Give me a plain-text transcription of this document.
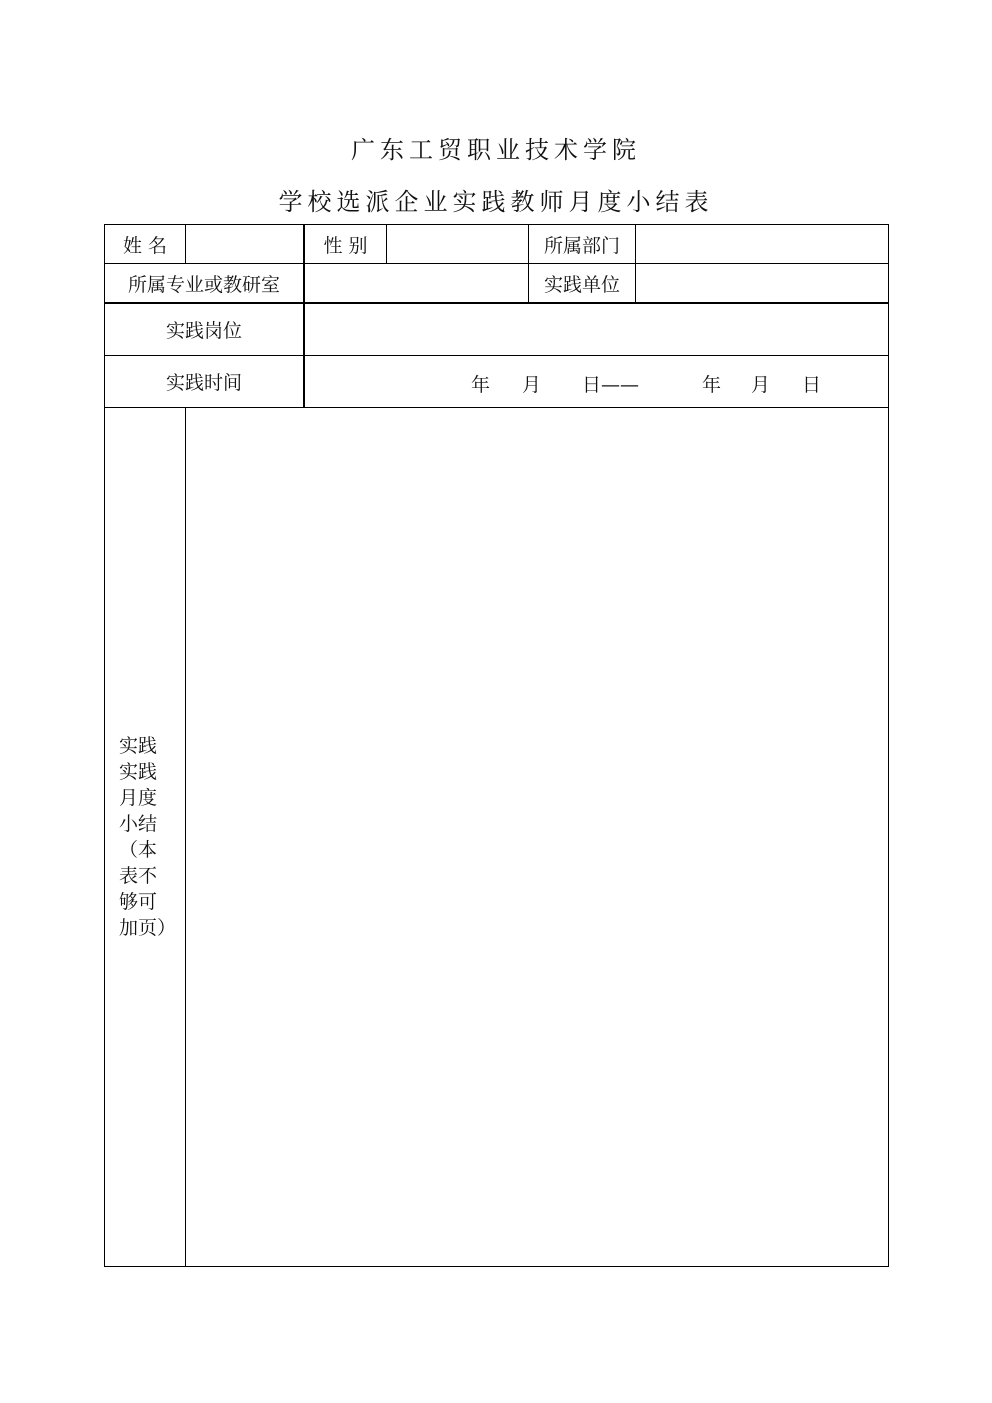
广东工贸职业技术学院
学校选派企业实践教师月度小结表
姓 名	性 别	所属部门
所属专业或教研室	实践单位
实践岗位
实践时间	年 月 日——	年 月 日
实践实践月度小结（本表不够可加页）
